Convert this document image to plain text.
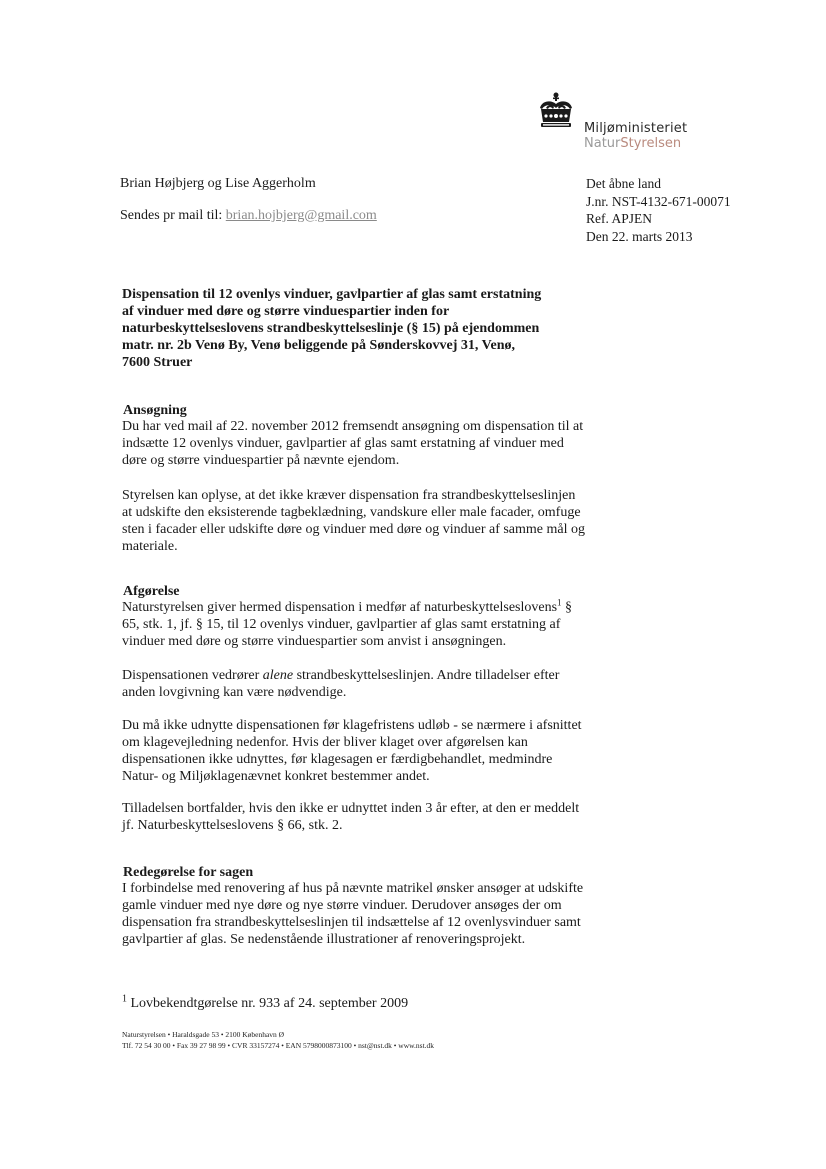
Miljøministeriet
NaturStyrelsen
Brian Højbjerg og Lise Aggerholm
Sendes pr mail til: brian.hojbjerg@gmail.com
Det åbne land
J.nr. NST-4132-671-00071
Ref. APJEN
Den 22. marts 2013
Dispensation til 12 ovenlys vinduer, gavlpartier af glas samt erstatning
af vinduer med døre og større vinduespartier inden for
naturbeskyttelseslovens strandbeskyttelseslinje (§ 15) på ejendommen
matr. nr. 2b Venø By, Venø beliggende på Sønderskovvej 31, Venø,
7600 Struer
Ansøgning
Du har ved mail af 22. november 2012 fremsendt ansøgning om dispensation til at
indsætte 12 ovenlys vinduer, gavlpartier af glas samt erstatning af vinduer med
døre og større vinduespartier på nævnte ejendom.
Styrelsen kan oplyse, at det ikke kræver dispensation fra strandbeskyttelseslinjen
at udskifte den eksisterende tagbeklædning, vandskure eller male facader, omfuge
sten i facader eller udskifte døre og vinduer med døre og vinduer af samme mål og
materiale.
Afgørelse
Naturstyrelsen giver hermed dispensation i medfør af naturbeskyttelseslovens$^1$ §
65, stk. 1, jf. § 15, til 12 ovenlys vinduer, gavlpartier af glas samt erstatning af
vinduer med døre og større vinduespartier som anvist i ansøgningen.
Dispensationen vedrører alene strandbeskyttelseslinjen. Andre tilladelser efter
anden lovgivning kan være nødvendige.
Du må ikke udnytte dispensationen før klagefristens udløb - se nærmere i afsnittet
om klagevejledning nedenfor. Hvis der bliver klaget over afgørelsen kan
dispensationen ikke udnyttes, før klagesagen er færdigbehandlet, medmindre
Natur- og Miljøklagenævnet konkret bestemmer andet.
Tilladelsen bortfalder, hvis den ikke er udnyttet inden 3 år efter, at den er meddelt
jf. Naturbeskyttelseslovens § 66, stk. 2.
Redegørelse for sagen
I forbindelse med renovering af hus på nævnte matrikel ønsker ansøger at udskifte
gamle vinduer med nye døre og nye større vinduer. Derudover ansøges der om
dispensation fra strandbeskyttelseslinjen til indsættelse af 12 ovenlysvinduer samt
gavlpartier af glas. Se nedenstående illustrationer af renoveringsprojekt.
$^1$ Lovbekendtgørelse nr. 933 af 24. september 2009
Naturstyrelsen • Haraldsgade 53 • 2100 København Ø
Tlf. 72 54 30 00 • Fax 39 27 98 99 • CVR 33157274 • EAN 5798000873100 • nst@nst.dk • www.nst.dk
